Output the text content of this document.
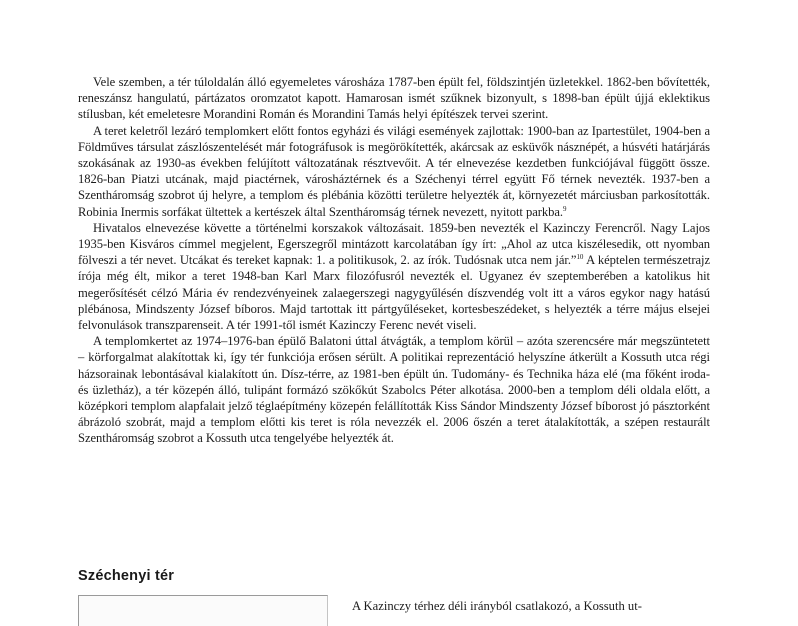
Vele szemben, a tér túloldalán álló egyemeletes városháza 1787-ben épült fel, földszintjén üzletekkel. 1862-ben bővítették, reneszánsz hangulatú, pártázatos oromzatot kapott. Hamarosan ismét szűknek bizonyult, s 1898-ban épült újjá eklektikus stílusban, két emeletesre Morandini Román és Morandini Tamás helyi építészek tervei szerint.

A teret keletről lezáró templomkert előtt fontos egyházi és világi események zajlottak: 1900-ban az Ipartestület, 1904-ben a Földműves társulat zászlószentelését már fotográfusok is megörökítették, akárcsak az esküvők násznépét, a húsvéti határjárás szokásának az 1930-as években felújított változatának résztvevőit. A tér elnevezése kezdetben funkciójával függött össze. 1826-ban Piatzi utcának, majd piactérnek, városháztérnek és a Széchenyi térrel együtt Fő térnek nevezték. 1937-ben a Szentháromság szobrot új helyre, a templom és plébánia közötti területre helyezték át, környezetét márciusban parkosították. Robinia Inermis sorfákat ültettek a kertészek által Szentháromság térnek nevezett, nyitott parkba.$^9$

Hivatalos elnevezése követte a történelmi korszakok változásait. 1859-ben nevezték el Kazinczy Ferencről. Nagy Lajos 1935-ben Kisváros címmel megjelent, Egerszegről mintázott karcolatában így írt: „Ahol az utca kiszélesedik, ott nyomban fölveszi a tér nevet. Utcákat és tereket kapnak: 1. a politikusok, 2. az írók. Tudósnak utca nem jár.”$^{10}$ A képtelen természetrajz írója még élt, mikor a teret 1948-ban Karl Marx filozófusról nevezték el. Ugyanez év szeptemberében a katolikus hit megerősítését célzó Mária év rendezvényeinek zalaegerszegi nagygyűlésén díszvendég volt itt a város egykor nagy hatású plébánosa, Mindszenty József bíboros. Majd tartottak itt pártgyűléseket, kortesbeszédeket, s helyezték a térre május elsejei felvonulások transzparenseit. A tér 1991-től ismét Kazinczy Ferenc nevét viseli.

A templomkertet az 1974–1976-ban épülő Balatoni úttal átvágták, a templom körül – azóta szerencsére már megszüntetett – körforgalmat alakítottak ki, így tér funkciója erősen sérült. A politikai reprezentáció helyszíne átkerült a Kossuth utca régi házsorainak lebontásával kialakított ún. Dísz-térre, az 1981-ben épült ún. Tudomány- és Technika háza elé (ma főként iroda- és üzletház), a tér közepén álló, tulipánt formázó szökőkút Szabolcs Péter alkotása. 2000-ben a templom déli oldala előtt, a középkori templom alapfalait jelző téglaépítmény közepén felállították Kiss Sándor Mindszenty József bíborost jó pásztorként ábrázoló szobrát, majd a templom előtti kis teret is róla nevezzék el. 2006 őszén a teret átalakították, a szépen restaurált Szentháromság szobrot a Kossuth utca tengelyébe helyezték át.

Széchenyi tér
A Kazinczy térhez déli irányból csatlakozó, a Kossuth ut-
